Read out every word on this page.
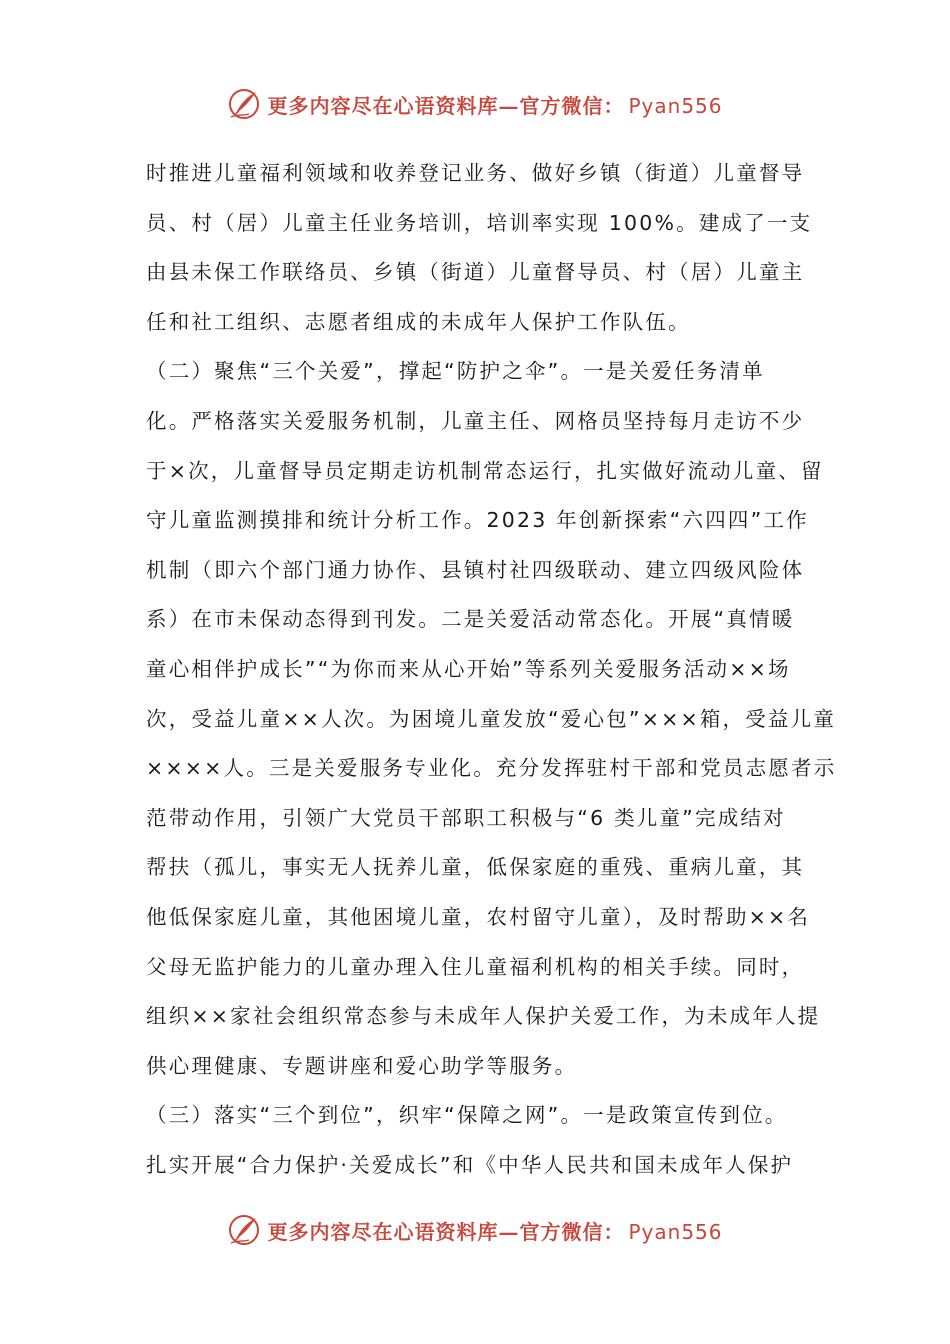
更多内容尽在心语资料库—官方微信： Pyan556

时推进儿童福利领域和收养登记业务、做好乡镇（街道）儿童督导
员、村（居）儿童主任业务培训，培训率实现 100%。建成了一支
由县未保工作联络员、乡镇（街道）儿童督导员、村（居）儿童主
任和社工组织、志愿者组成的未成年人保护工作队伍。
（二）聚焦“三个关爱”，撑起“防护之伞”。一是关爱任务清单
化。严格落实关爱服务机制，儿童主任、网格员坚持每月走访不少
于×次，儿童督导员定期走访机制常态运行，扎实做好流动儿童、留
守儿童监测摸排和统计分析工作。2023 年创新探索“六四四”工作
机制（即六个部门通力协作、县镇村社四级联动、建立四级风险体
系）在市未保动态得到刊发。二是关爱活动常态化。开展“真情暖
童心相伴护成长”“为你而来从心开始”等系列关爱服务活动××场
次，受益儿童××人次。为困境儿童发放“爱心包”×××箱，受益儿童
××××人。三是关爱服务专业化。充分发挥驻村干部和党员志愿者示
范带动作用，引领广大党员干部职工积极与“6 类儿童”完成结对
帮扶（孤儿，事实无人抚养儿童，低保家庭的重残、重病儿童，其
他低保家庭儿童，其他困境儿童，农村留守儿童），及时帮助××名
父母无监护能力的儿童办理入住儿童福利机构的相关手续。同时，
组织××家社会组织常态参与未成年人保护关爱工作，为未成年人提
供心理健康、专题讲座和爱心助学等服务。
（三）落实“三个到位”，织牢“保障之网”。一是政策宣传到位。
扎实开展“合力保护·关爱成长”和《中华人民共和国未成年人保护

更多内容尽在心语资料库—官方微信： Pyan556
